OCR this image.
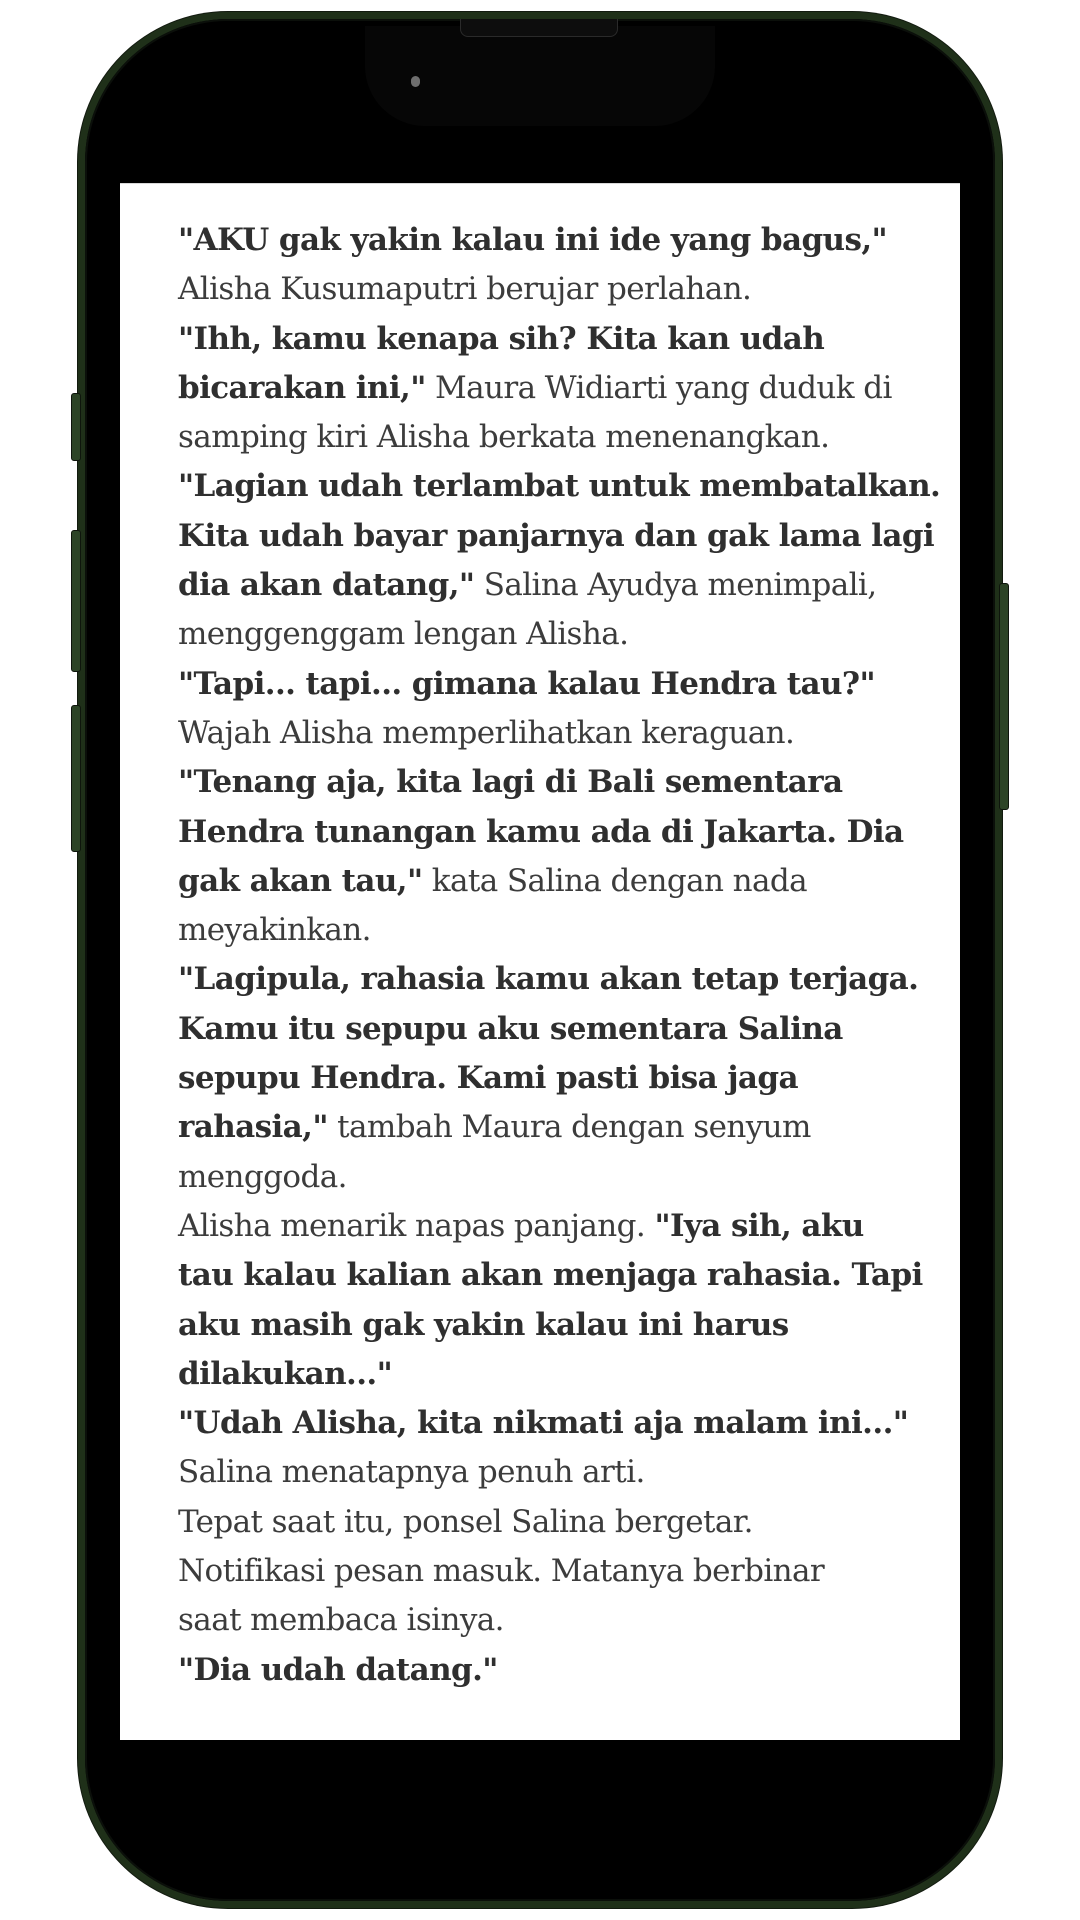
"AKU gak yakin kalau ini ide yang bagus,"
Alisha Kusumaputri berujar perlahan.
"Ihh, kamu kenapa sih? Kita kan udah
bicarakan ini," Maura Widiarti yang duduk di
samping kiri Alisha berkata menenangkan.
"Lagian udah terlambat untuk membatalkan.
Kita udah bayar panjarnya dan gak lama lagi
dia akan datang," Salina Ayudya menimpali,
menggenggam lengan Alisha.
"Tapi... tapi... gimana kalau Hendra tau?"
Wajah Alisha memperlihatkan keraguan.
"Tenang aja, kita lagi di Bali sementara
Hendra tunangan kamu ada di Jakarta. Dia
gak akan tau," kata Salina dengan nada
meyakinkan.
"Lagipula, rahasia kamu akan tetap terjaga.
Kamu itu sepupu aku sementara Salina
sepupu Hendra. Kami pasti bisa jaga
rahasia," tambah Maura dengan senyum
menggoda.
Alisha menarik napas panjang. "Iya sih, aku
tau kalau kalian akan menjaga rahasia. Tapi
aku masih gak yakin kalau ini harus
dilakukan..."
"Udah Alisha, kita nikmati aja malam ini..."
Salina menatapnya penuh arti.
Tepat saat itu, ponsel Salina bergetar.
Notifikasi pesan masuk. Matanya berbinar
saat membaca isinya.
"Dia udah datang."
